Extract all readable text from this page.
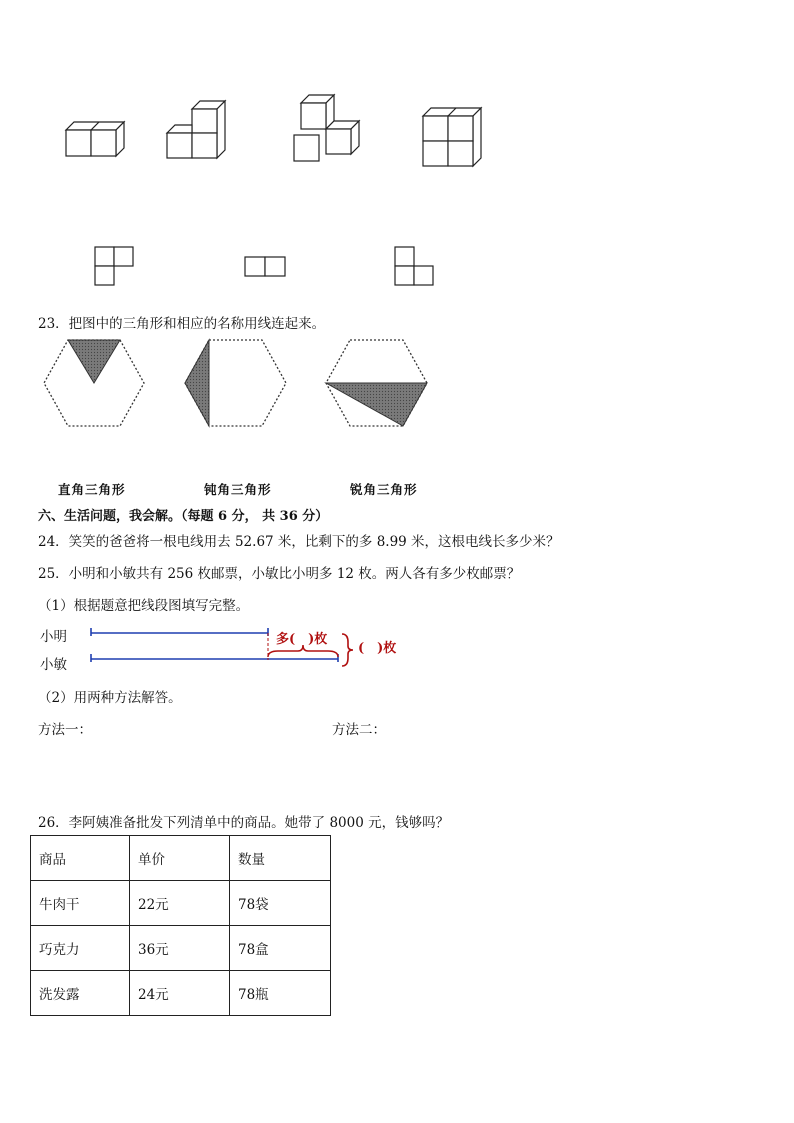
23．把图中的三角形和相应的名称用线连起来。
直角三角形	钝角三角形	锐角三角形
六、生活问题，我会解。（每题 6 分， 共 36 分）
24．笑笑的爸爸将一根电线用去 52.67 米，比剩下的多 8.99 米，这根电线长多少米？
25．小明和小敏共有 256 枚邮票，小敏比小明多 12 枚。两人各有多少枚邮票？
（1）根据题意把线段图填写完整。
小明
小敏
多(　)枚
(　)枚
（2）用两种方法解答。
方法一：	方法二：
26．李阿姨准备批发下列清单中的商品。她带了 8000 元，钱够吗？
商品	单价	数量
牛肉干	22元	78袋
巧克力	36元	78盒
洗发露	24元	78瓶
